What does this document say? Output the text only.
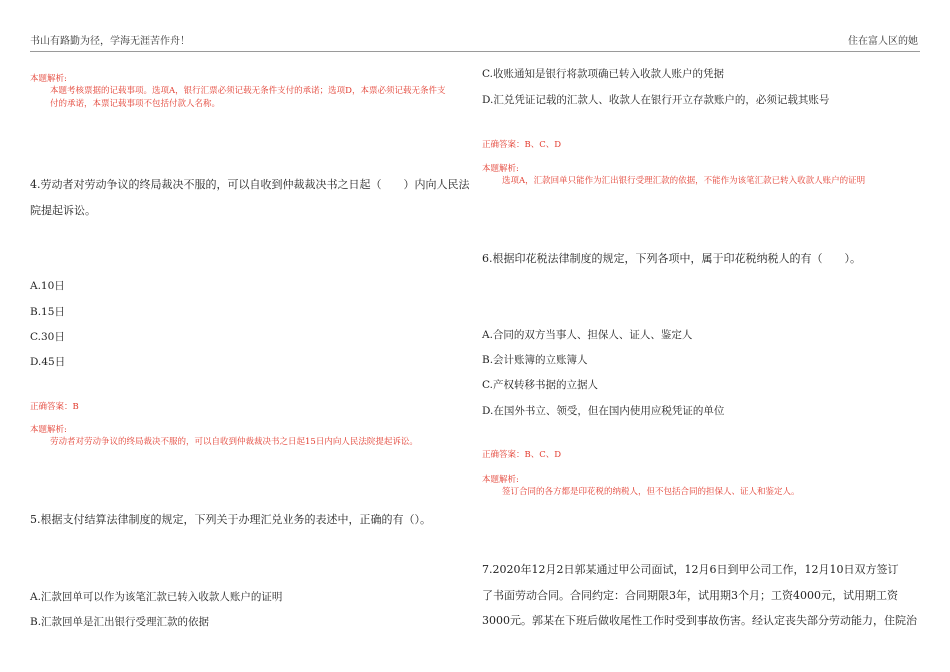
书山有路勤为径，学海无涯苦作舟！	住在富人区的她
本题解析:
本题考核票据的记载事项。选项A，银行汇票必须记载无条件支付的承诺；选项D，本票必须记载无条件支付的承诺，本票记载事项不包括付款人名称。
4.劳动者对劳动争议的终局裁决不服的，可以自收到仲裁裁决书之日起（　　）内向人民法
院提起诉讼。
A.10日
B.15日
C.30日
D.45日
正确答案：B
本题解析:
劳动者对劳动争议的终局裁决不服的，可以自收到仲裁裁决书之日起15日内向人民法院提起诉讼。
5.根据支付结算法律制度的规定，下列关于办理汇兑业务的表述中，正确的有（）。
A.汇款回单可以作为该笔汇款已转入收款人账户的证明
B.汇款回单是汇出银行受理汇款的依据
C.收账通知是银行将款项确已转入收款人账户的凭据
D.汇兑凭证记载的汇款人、收款人在银行开立存款账户的，必须记载其账号
正确答案：B、C、D
本题解析:
选项A，汇款回单只能作为汇出银行受理汇款的依据，不能作为该笔汇款已转入收款人账户的证明
6.根据印花税法律制度的规定，下列各项中，属于印花税纳税人的有（　　）。
A.合同的双方当事人、担保人、证人、鉴定人
B.会计账簿的立账簿人
C.产权转移书据的立据人
D.在国外书立、领受，但在国内使用应税凭证的单位
正确答案：B、C、D
本题解析:
签订合同的各方都是印花税的纳税人，但不包括合同的担保人、证人和鉴定人。
7.2020年12月2日郭某通过甲公司面试，12月6日到甲公司工作，12月10日双方签订
了书面劳动合同。合同约定：合同期限3年，试用期3个月；工资4000元，试用期工资
3000元。郭某在下班后做收尾性工作时受到事故伤害。经认定丧失部分劳动能力，住院治
